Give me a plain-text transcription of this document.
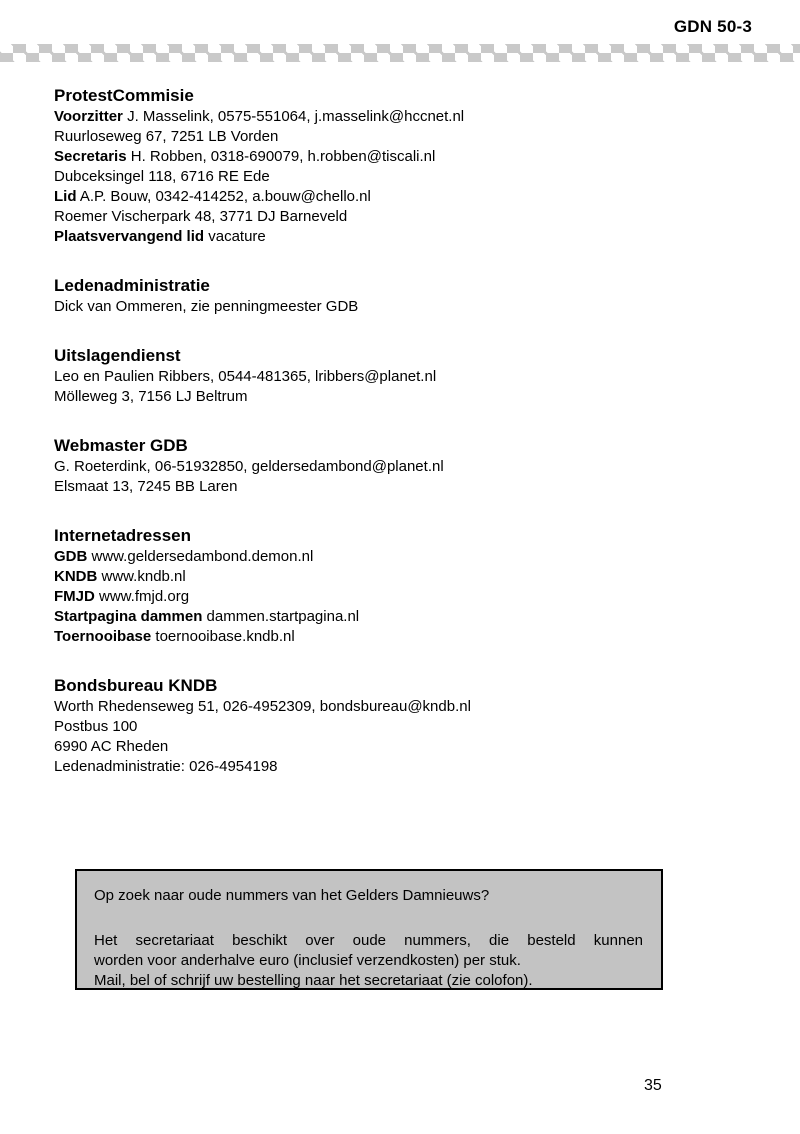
GDN 50-3
ProtestCommisie
Voorzitter J. Masselink, 0575-551064, j.masselink@hccnet.nl
Ruurloseweg 67, 7251 LB Vorden
Secretaris H. Robben, 0318-690079, h.robben@tiscali.nl
Dubceksingel 118, 6716 RE Ede
Lid A.P. Bouw, 0342-414252, a.bouw@chello.nl
Roemer Vischerpark 48, 3771 DJ Barneveld
Plaatsvervangend lid vacature
Ledenadministratie
Dick van Ommeren, zie penningmeester GDB
Uitslagendienst
Leo en Paulien Ribbers, 0544-481365, lribbers@planet.nl
Mölleweg 3, 7156 LJ Beltrum
Webmaster GDB
G. Roeterdink, 06-51932850, geldersedambond@planet.nl
Elsmaat 13, 7245 BB Laren
Internetadressen
GDB www.geldersedambond.demon.nl
KNDB www.kndb.nl
FMJD www.fmjd.org
Startpagina dammen dammen.startpagina.nl
Toernooibase toernooibase.kndb.nl
Bondsbureau KNDB
Worth Rhedenseweg 51, 026-4952309, bondsbureau@kndb.nl
Postbus 100
6990 AC Rheden
Ledenadministratie: 026-4954198

Op zoek naar oude nummers van het Gelders Damnieuws?

Het secretariaat beschikt over oude nummers, die besteld kunnen

worden voor anderhalve euro (inclusief verzendkosten) per stuk.

Mail, bel of schrijf uw bestelling naar het secretariaat (zie colofon).

35
